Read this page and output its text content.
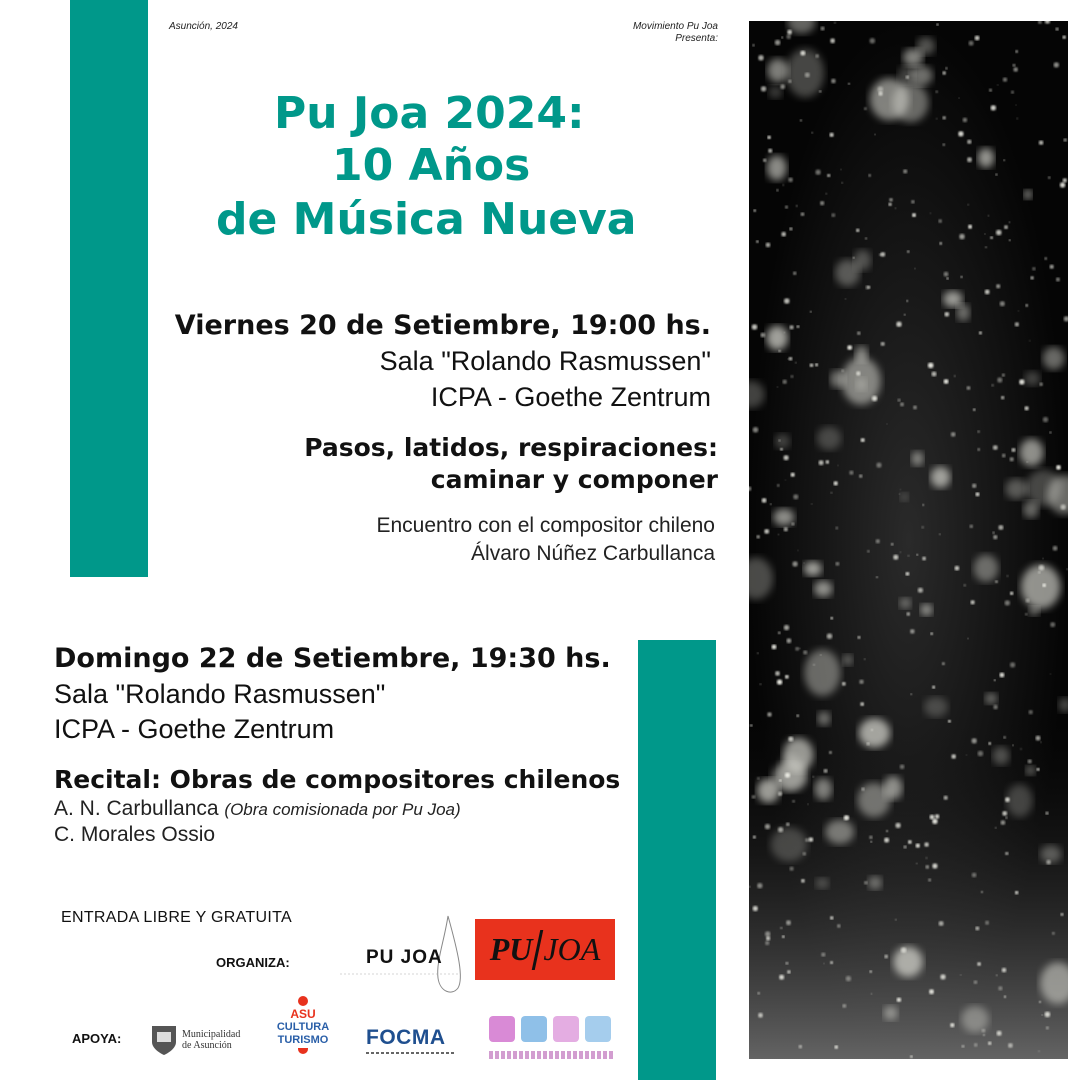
Asunción, 2024	Movimiento Pu Joa
Presenta:
Pu Joa 2024:
10 Años
de Música Nueva
Viernes 20 de Setiembre, 19:00 hs.
Sala "Rolando Rasmussen"
ICPA - Goethe Zentrum
Pasos, latidos, respiraciones:
caminar y componer
Encuentro con el compositor chileno
Álvaro Núñez Carbullanca
Domingo 22 de Setiembre, 19:30 hs.
Sala "Rolando Rasmussen"
ICPA - Goethe Zentrum
Recital: Obras de compositores chilenos
A. N. Carbullanca (Obra comisionada por Pu Joa)
C. Morales Ossio
ENTRADA LIBRE Y GRATUITA
ORGANIZA:
APOYA:
PU JOA PU JOA
Municipalidad
de Asunción
ASU
CULTURA
TURISMO	FOCMA
